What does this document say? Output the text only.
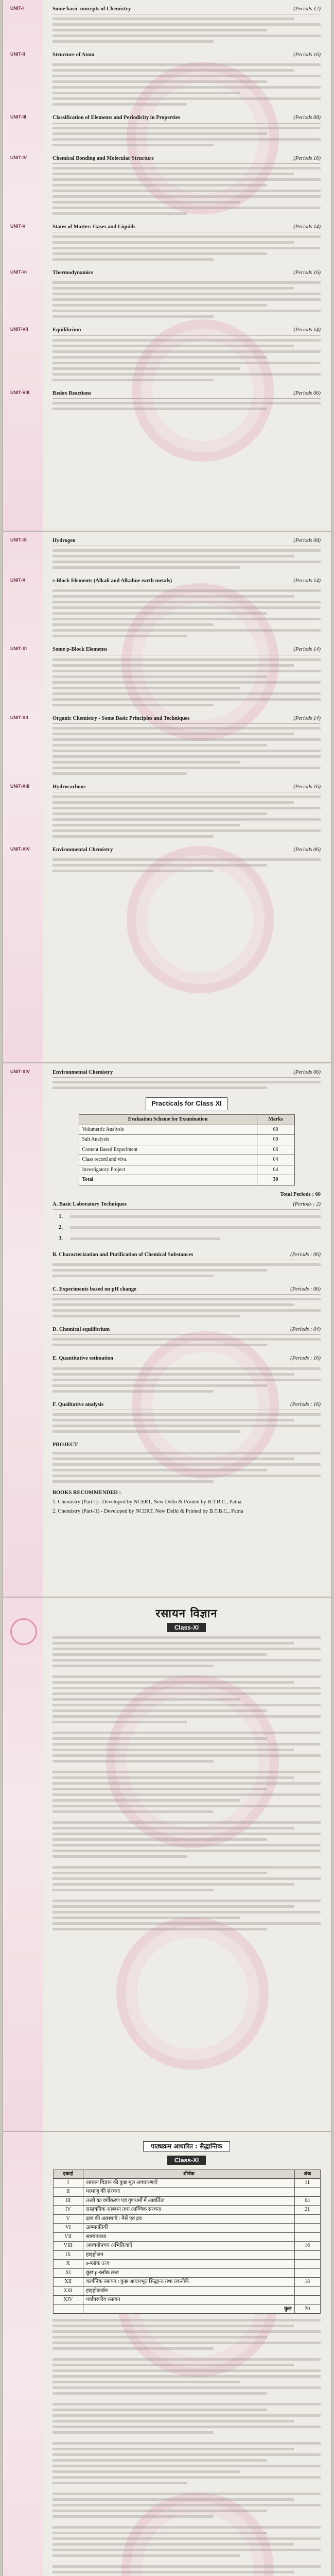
UNIT-I	Some basic concepts of Chemistry	(Periods 12)
UNIT-II	Structure of Atom	(Periods 16)
UNIT-III	Classification of Elements and Periodicity in Properties	(Periods 08)
UNIT-IV	Chemical Bonding and Molecular Structure	(Periods 16)
UNIT-V	States of Matter: Gases and Liquids	(Periods 14)
UNIT-VI	Thermodynamics	(Periods 16)
UNIT-VII	Equilibrium	(Periods 14)
UNIT-VIII	Redox Reactions	(Periods 06)
UNIT-IX	Hydrogen	(Periods 08)
UNIT-X	s-Block Elements (Alkali and Alkaline earth metals)	(Periods 14)
UNIT-XI	Some p-Block Elements	(Periods 14)
UNIT-XII	Organic Chemistry - Some Basic Principles and Techniques	(Periods 14)
UNIT-XIII	Hydrocarbons	(Periods 16)
UNIT-XIV	Environmental Chemistry	(Periods 06)
UNIT-XIV	Environmental Chemistry	(Periods 06)
Practicals for Class XI
Evaluation Scheme for Examination	Marks
Volumetric Analysis	08
Salt Analysis	08
Content Based Experiment	06
Class record and viva	04
Investigatory Project	04
Total	30
Total Periods : 60
A. Basic Laboratory Techniques	(Periods : 2)
1.
2.
3.
B. Characterization and Purification of Chemical Substances	(Periods : 06)
C. Experiments based on pH change	(Periods : 06)
D. Chemical equilibrium	(Periods : 04)
E. Quantitative estimation	(Periods : 16)
F. Qualitative analysis	(Periods : 16)
PROJECT
BOOKS RECOMMENDED :
1. Chemistry (Part-I) - Developed by NCERT, New Delhi & Printed by B.T.B.C., Patna
2. Chemistry (Part-II) - Developed by NCERT, New Delhi & Printed by B.T.B.C., Patna
रसायन विज्ञान
Class-XI
पाठ्यक्रम आधारित : सैद्धान्तिक
Class-XI
इकाई	शीर्षक	अंक
I	रसायन विज्ञान की कुछ मूल अवधारणाएँ	11
II	परमाणु की संरचना	
III	तत्त्वों का वर्गीकरण एवं गुणधर्मों में आवर्तिता	04
IV	रासायनिक आबंधन तथा आण्विक संरचना	21
V	द्रव्य की अवस्थाएँ : गैसें एवं द्रव	
VI	ऊष्मागतिकी	
VII	साम्यावस्था	
VIII	अपचयोपचय अभिक्रियाएँ	16
IX	हाइड्रोजन	
X	s-ब्लॉक तत्त्व	
XI	कुछ p-ब्लॉक तत्त्व	
XII	कार्बनिक रसायन : कुछ आधारभूत सिद्धान्त तथा तकनीकें	18
XIII	हाइड्रोकार्बन	
XIV	पर्यावरणीय रसायन	
	कुल	70
